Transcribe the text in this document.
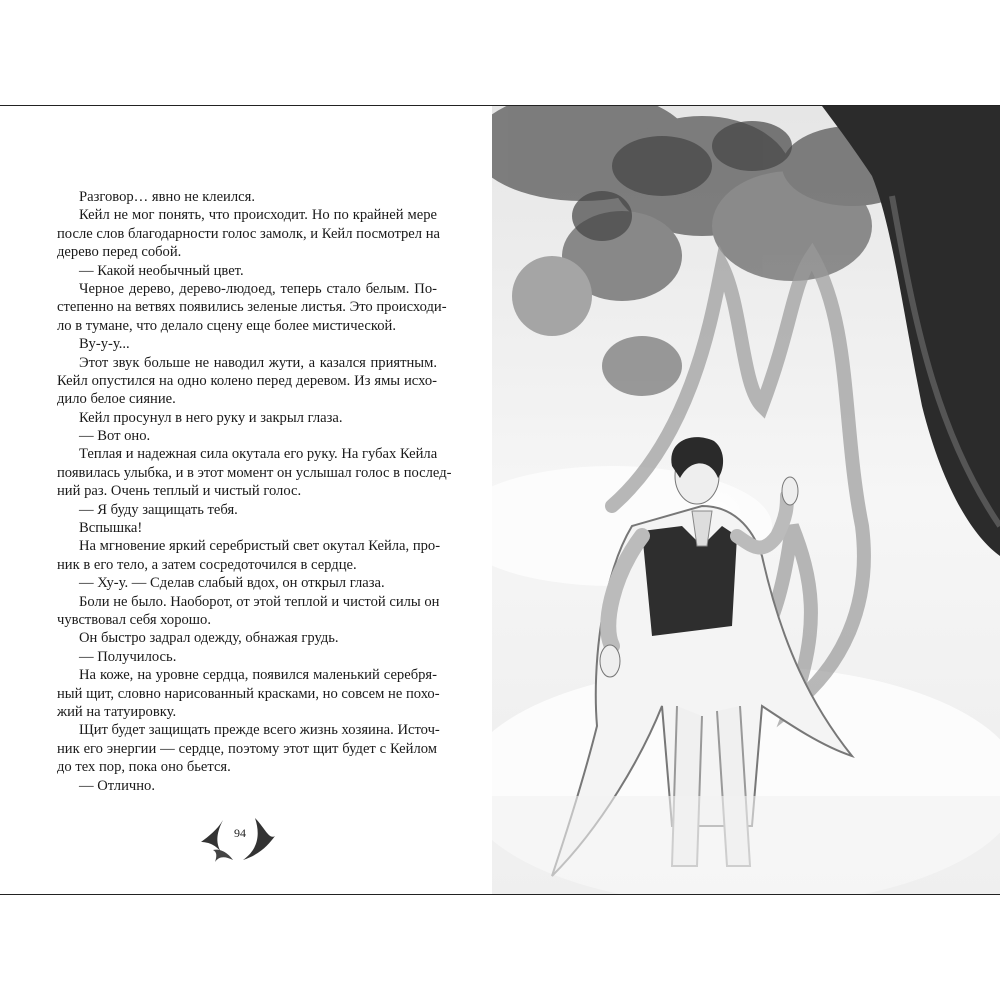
Разговор… явно не клеился.
Кейл не мог понять, что происходит. Но по крайней мере
после слов благодарности голос замолк, и Кейл посмотрел на
дерево перед собой.
— Какой необычный цвет.
Черное дерево, дерево-людоед, теперь стало белым. По-
степенно на ветвях появились зеленые листья. Это происходи-
ло в тумане, что делало сцену еще более мистической.
Ву-у-у...
Этот звук больше не наводил жути, а казался приятным.
Кейл опустился на одно колено перед деревом. Из ямы исхо-
дило белое сияние.
Кейл просунул в него руку и закрыл глаза.
— Вот оно.
Теплая и надежная сила окутала его руку. На губах Кейла
появилась улыбка, и в этот момент он услышал голос в послед-
ний раз. Очень теплый и чистый голос.
— Я буду защищать тебя.
Вспышка!
На мгновение яркий серебристый свет окутал Кейла, про-
ник в его тело, а затем сосредоточился в сердце.
— Ху-у. — Сделав слабый вдох, он открыл глаза.
Боли не было. Наоборот, от этой теплой и чистой силы он
чувствовал себя хорошо.
Он быстро задрал одежду, обнажая грудь.
— Получилось.
На коже, на уровне сердца, появился маленький серебря-
ный щит, словно нарисованный красками, но совсем не похо-
жий на татуировку.
Щит будет защищать прежде всего жизнь хозяина. Источ-
ник его энергии — сердце, поэтому этот щит будет с Кейлом
до тех пор, пока оно бьется.
— Отлично.
94
